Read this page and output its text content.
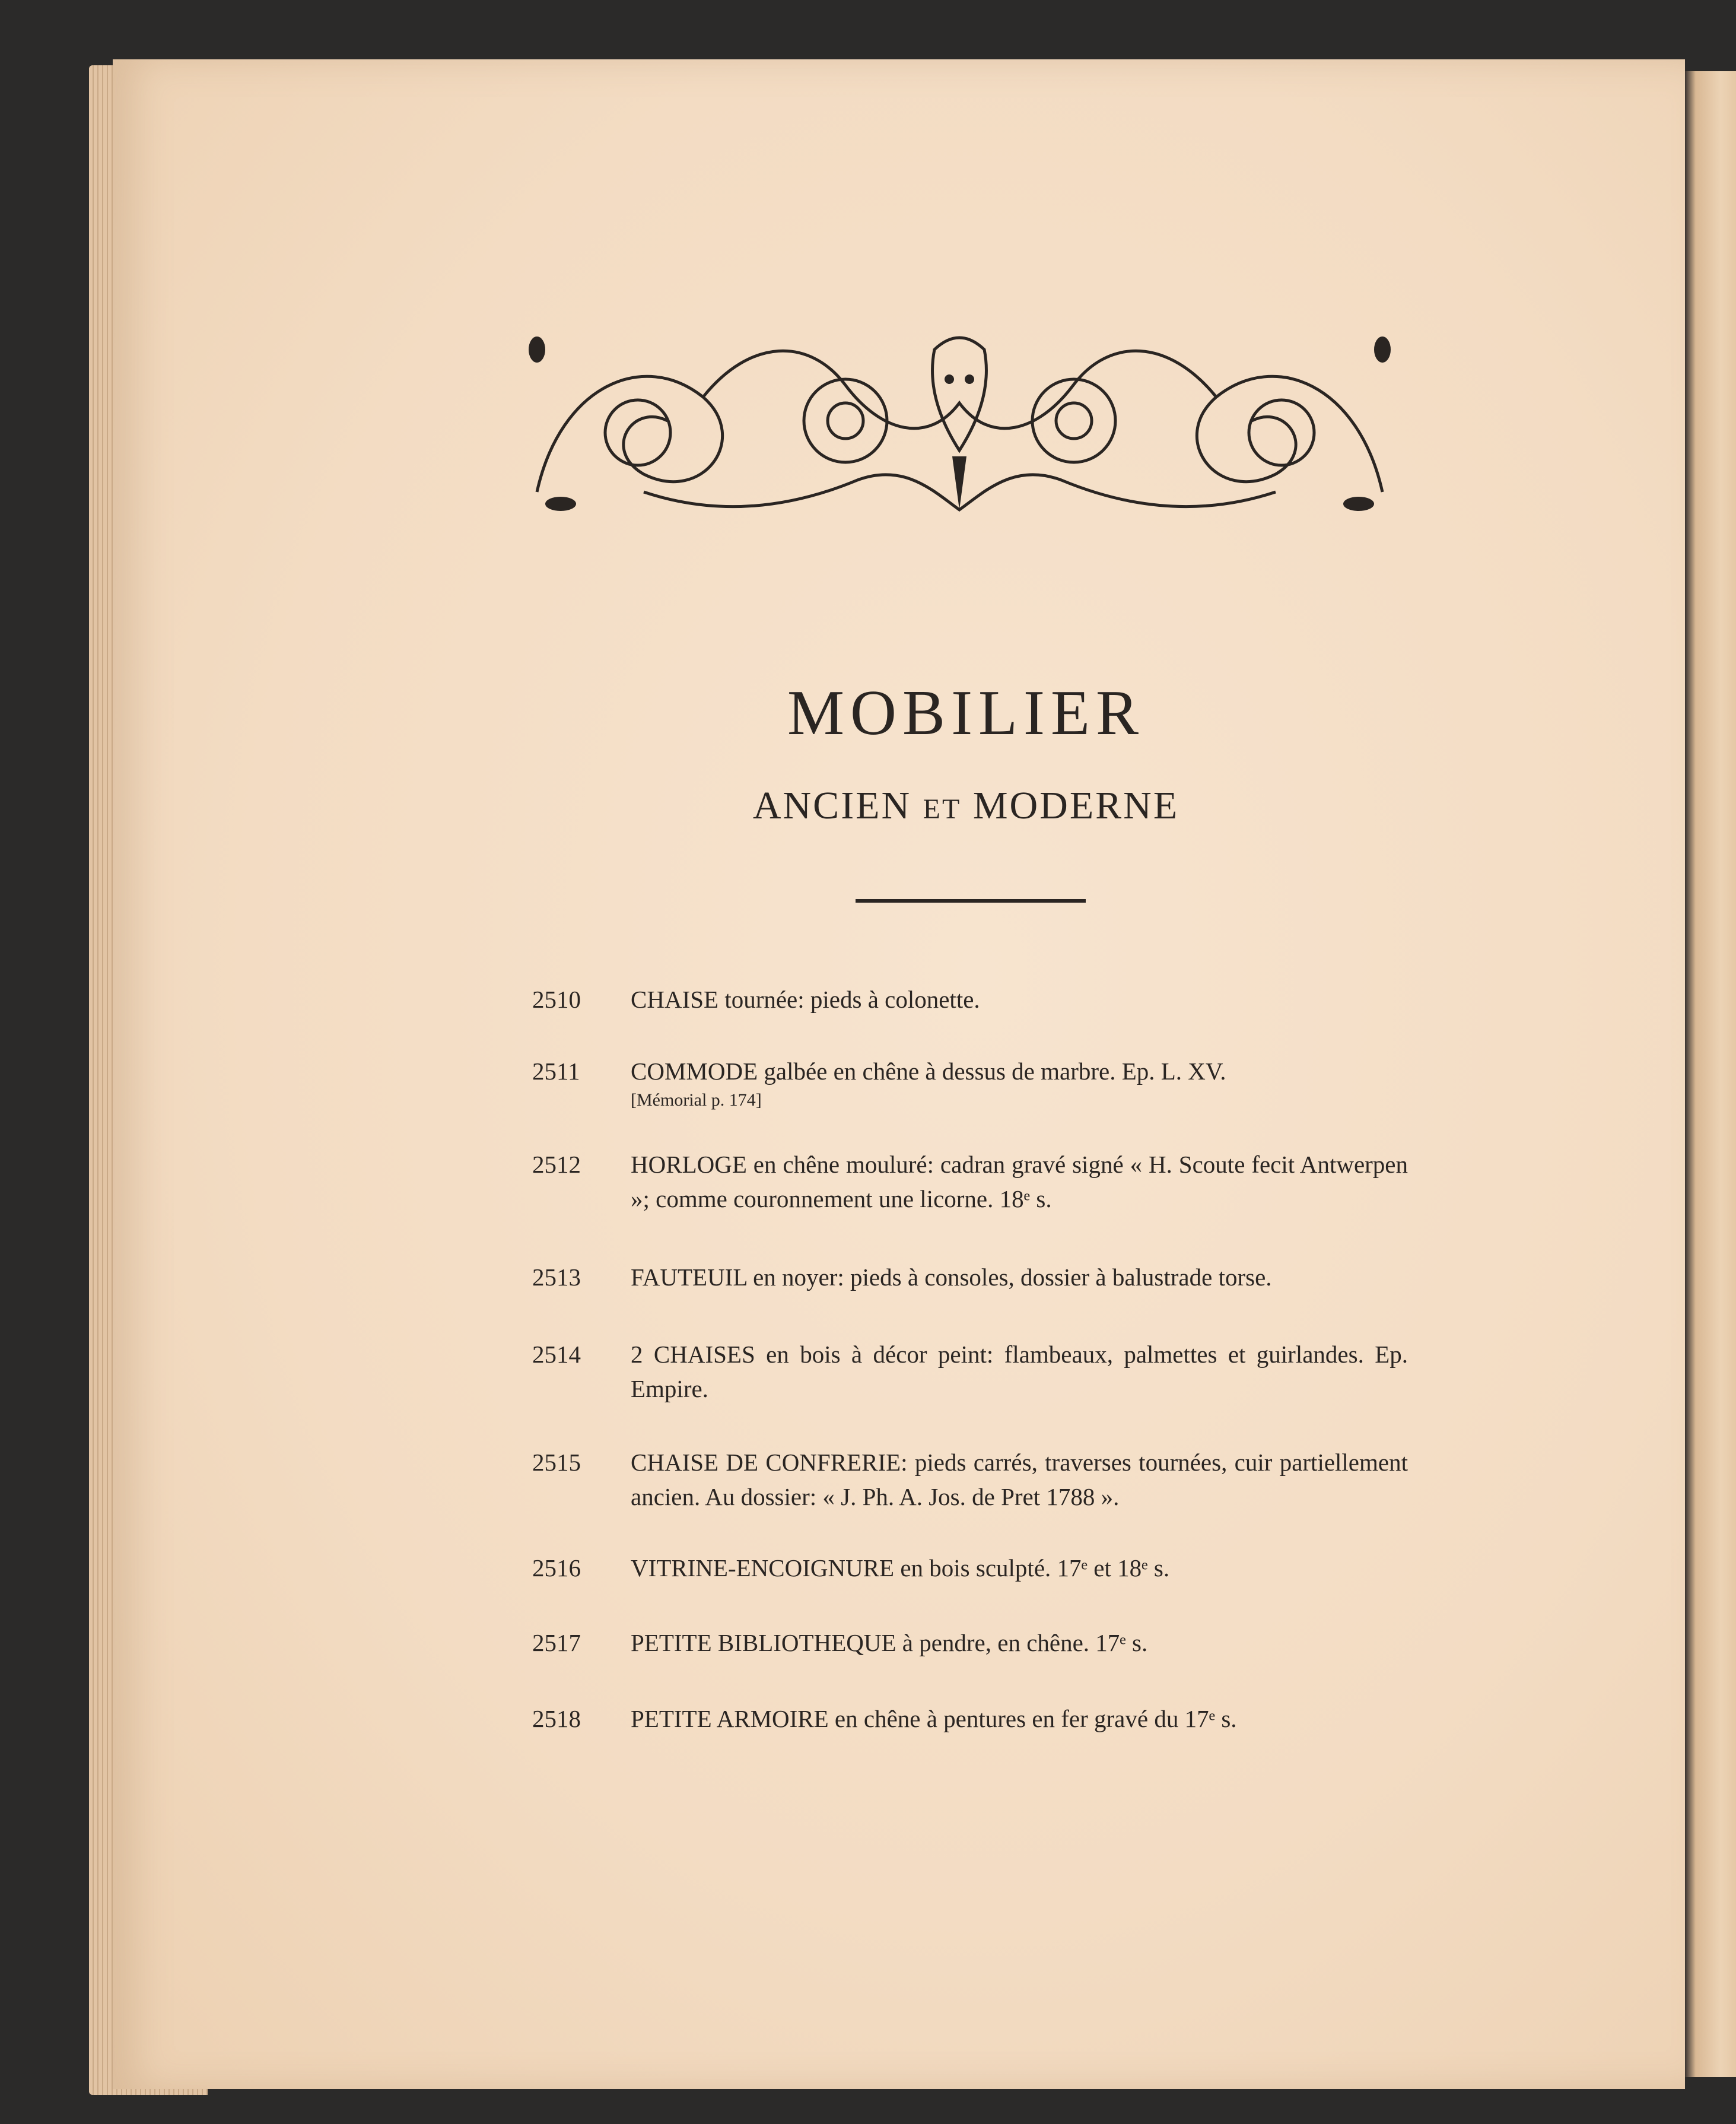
MOBILIER
ANCIEN ET MODERNE
2510	CHAISE tournée: pieds à colonette.
2511	COMMODE galbée en chêne à dessus de marbre. Ep. L. XV.
[Mémorial p. 174]
2512	HORLOGE en chêne mouluré: cadran gravé signé « H. Scoute fecit Antwerpen »; comme couronnement une licorne. 18ᵉ s.
2513	FAUTEUIL en noyer: pieds à consoles, dossier à balustrade torse.
2514	2 CHAISES en bois à décor peint: flambeaux, palmettes et guirlandes. Ep. Empire.
2515	CHAISE DE CONFRERIE: pieds carrés, traverses tournées, cuir partiellement ancien. Au dossier: « J. Ph. A. Jos. de Pret 1788 ».
2516	VITRINE-ENCOIGNURE en bois sculpté. 17ᵉ et 18ᵉ s.
2517	PETITE BIBLIOTHEQUE à pendre, en chêne. 17ᵉ s.
2518	PETITE ARMOIRE en chêne à pentures en fer gravé du 17ᵉ s.
